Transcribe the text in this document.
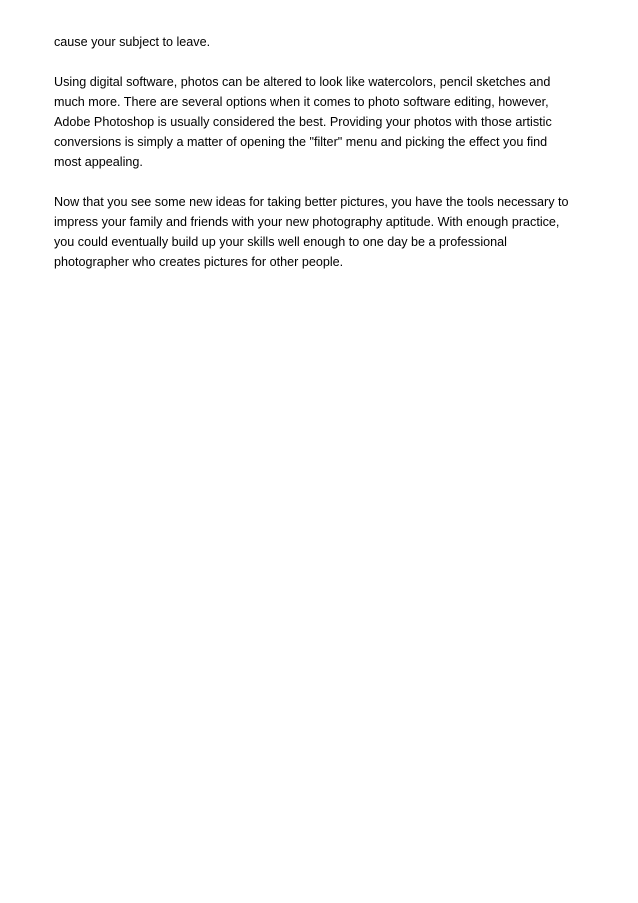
cause your subject to leave.

Using digital software, photos can be altered to look like watercolors, pencil sketches and
much more. There are several options when it comes to photo software editing, however,
Adobe Photoshop is usually considered the best. Providing your photos with those artistic
conversions is simply a matter of opening the "filter" menu and picking the effect you find
most appealing.

Now that you see some new ideas for taking better pictures, you have the tools necessary to
impress your family and friends with your new photography aptitude. With enough practice,
you could eventually build up your skills well enough to one day be a professional
photographer who creates pictures for other people.
